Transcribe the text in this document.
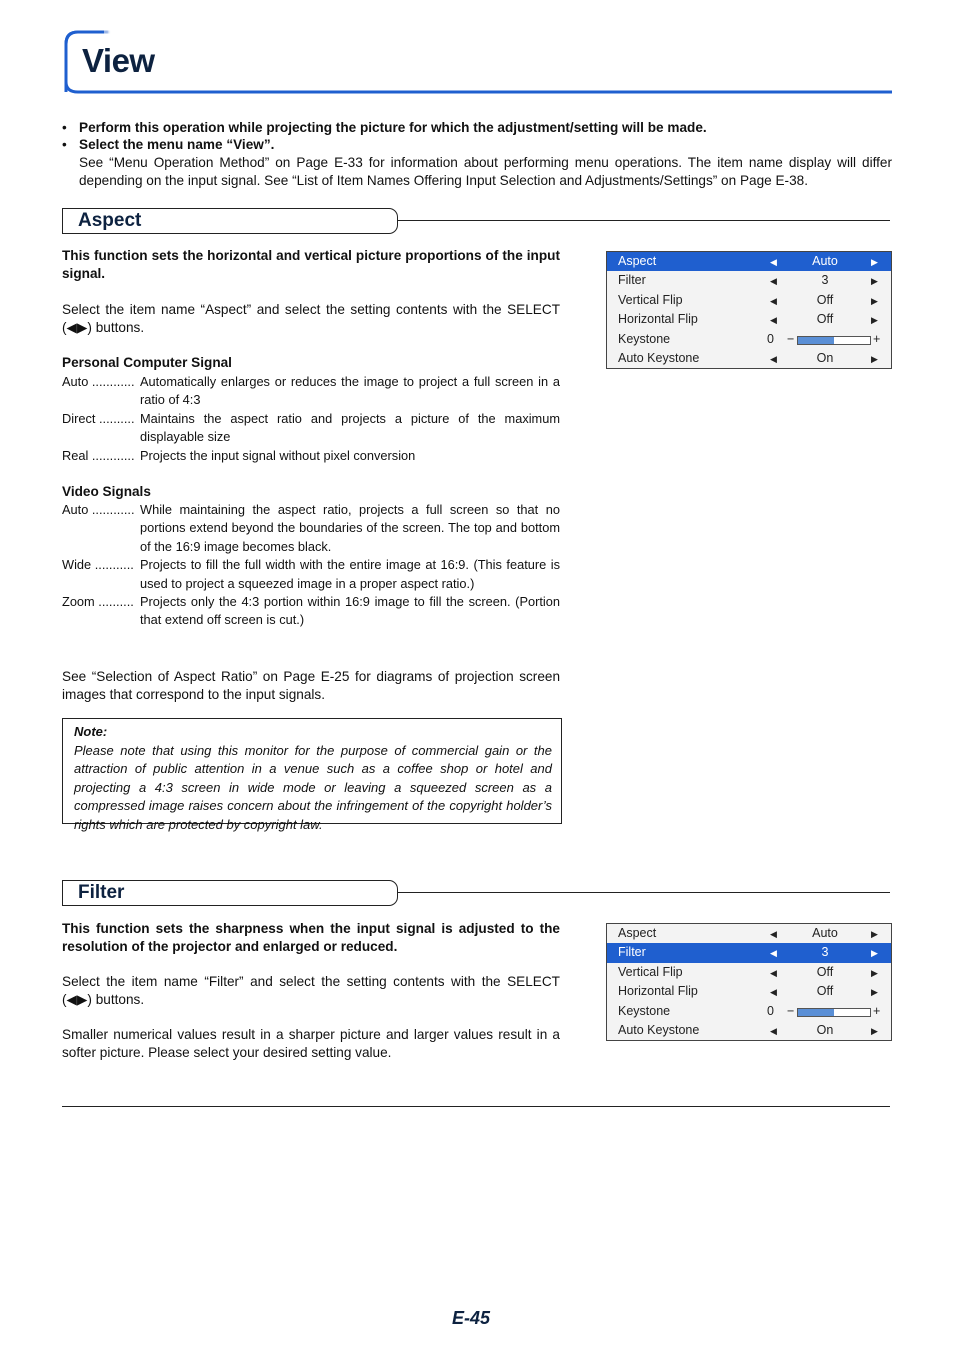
View
• Perform this operation while projecting the picture for which the adjustment/setting will be made.
• Select the menu name “View”.
See “Menu Operation Method” on Page E-33 for information about performing menu operations. The item name display will differ depending on the input signal. See “List of Item Names Offering Input Selection and Adjustments/Settings” on Page E-38.
Aspect
This function sets the horizontal and vertical picture proportions of the input signal.
Select the item name “Aspect” and select the setting contents with the SELECT (◀▶) buttons.
Personal Computer Signal
Auto ............ Automatically enlarges or reduces the image to project a full screen in a ratio of 4:3
Direct .......... Maintains the aspect ratio and projects a picture of the maximum displayable size
Real ............ Projects the input signal without pixel conversion
Video Signals
Auto ............ While maintaining the aspect ratio, projects a full screen so that no portions extend beyond the boundaries of the screen. The top and bottom of the 16:9 image becomes black.
Wide ........... Projects to fill the full width with the entire image at 16:9. (This feature is used to project a squeezed image in a proper aspect ratio.)
Zoom .......... Projects only the 4:3 portion within 16:9 image to fill the screen. (Portion that extend off screen is cut.)
See “Selection of Aspect Ratio” on Page E-25 for diagrams of projection screen images that correspond to the input signals.
Note:
Please note that using this monitor for the purpose of commercial gain or the attraction of public attention in a venue such as a coffee shop or hotel and projecting a 4:3 screen in wide mode or leaving a squeezed screen as a compressed image raises concern about the infringement of the copyright holder’s rights which are protected by copyright law.
Aspect	◀	Auto	▶
Filter	◀	3	▶
Vertical Flip	◀	Off	▶
Horizontal Flip	◀	Off	▶
Keystone	0 −	+
Auto Keystone	◀	On	▶
Filter
This function sets the sharpness when the input signal is adjusted to the resolution of the projector and enlarged or reduced.
Select the item name “Filter” and select the setting contents with the SELECT (◀▶) buttons.
Smaller numerical values result in a sharper picture and larger values result in a softer picture. Please select your desired setting value.
Aspect	◀	Auto	▶
Filter	◀	3	▶
Vertical Flip	◀	Off	▶
Horizontal Flip	◀	Off	▶
Keystone	0 −	+
Auto Keystone	◀	On	▶
E-45
